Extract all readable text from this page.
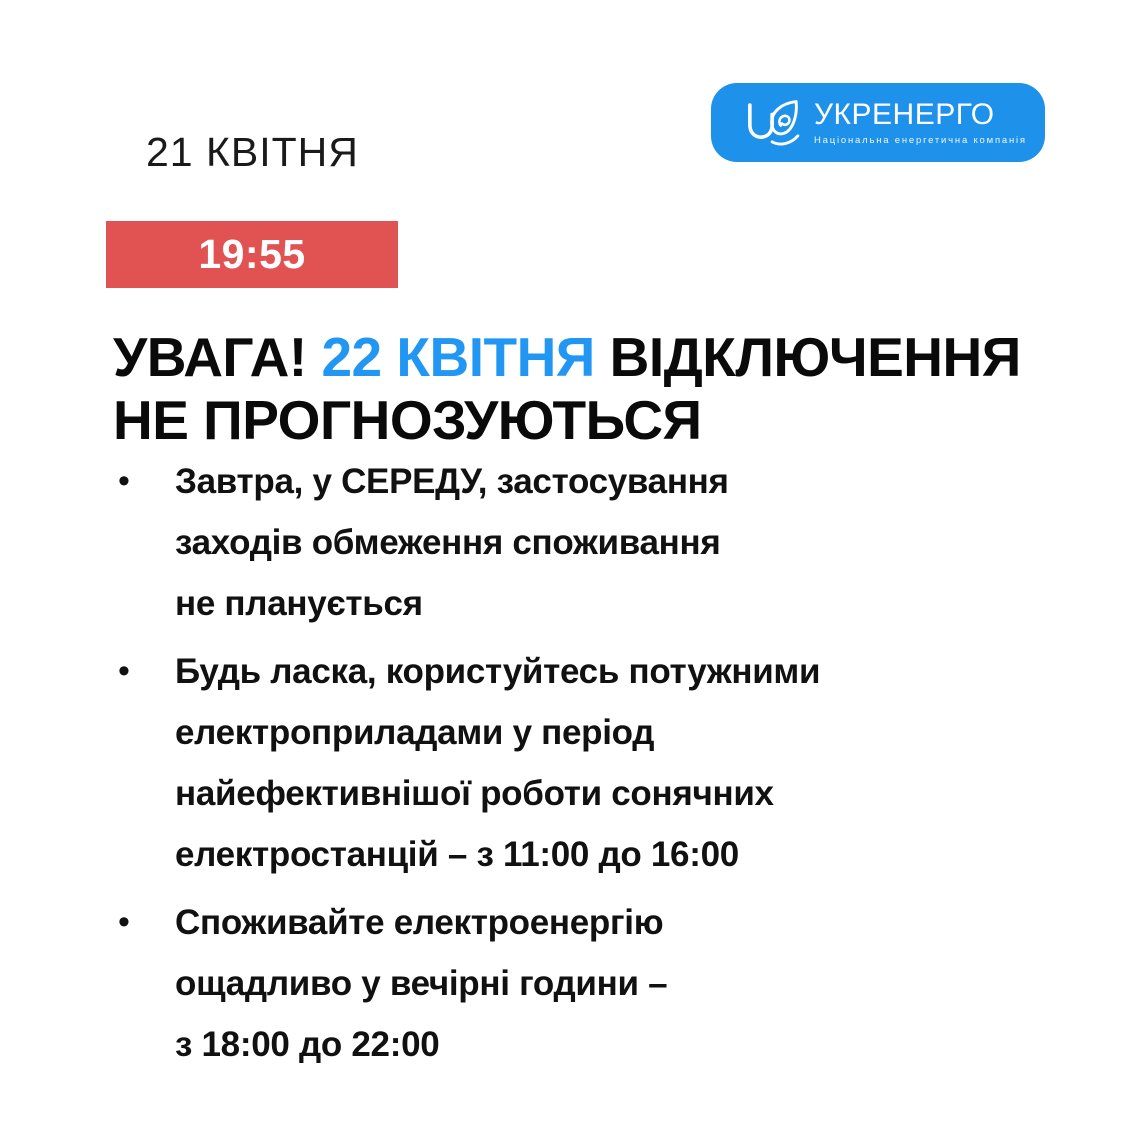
21 КВІТНЯ
УКРЕНЕРГО
Національна енергетична компанія
19:55
УВАГА! 22 КВІТНЯ ВІДКЛЮЧЕННЯ
НЕ ПРОГНОЗУЮТЬСЯ
•	Завтра, у СЕРЕДУ, застосування
заходів обмеження споживання
не планується
•	Будь ласка, користуйтесь потужними
електроприладами у період
найефективнішої роботи сонячних
електростанцій – з 11:00 до 16:00
•	Споживайте електроенергію
ощадливо у вечірні години –
з 18:00 до 22:00
